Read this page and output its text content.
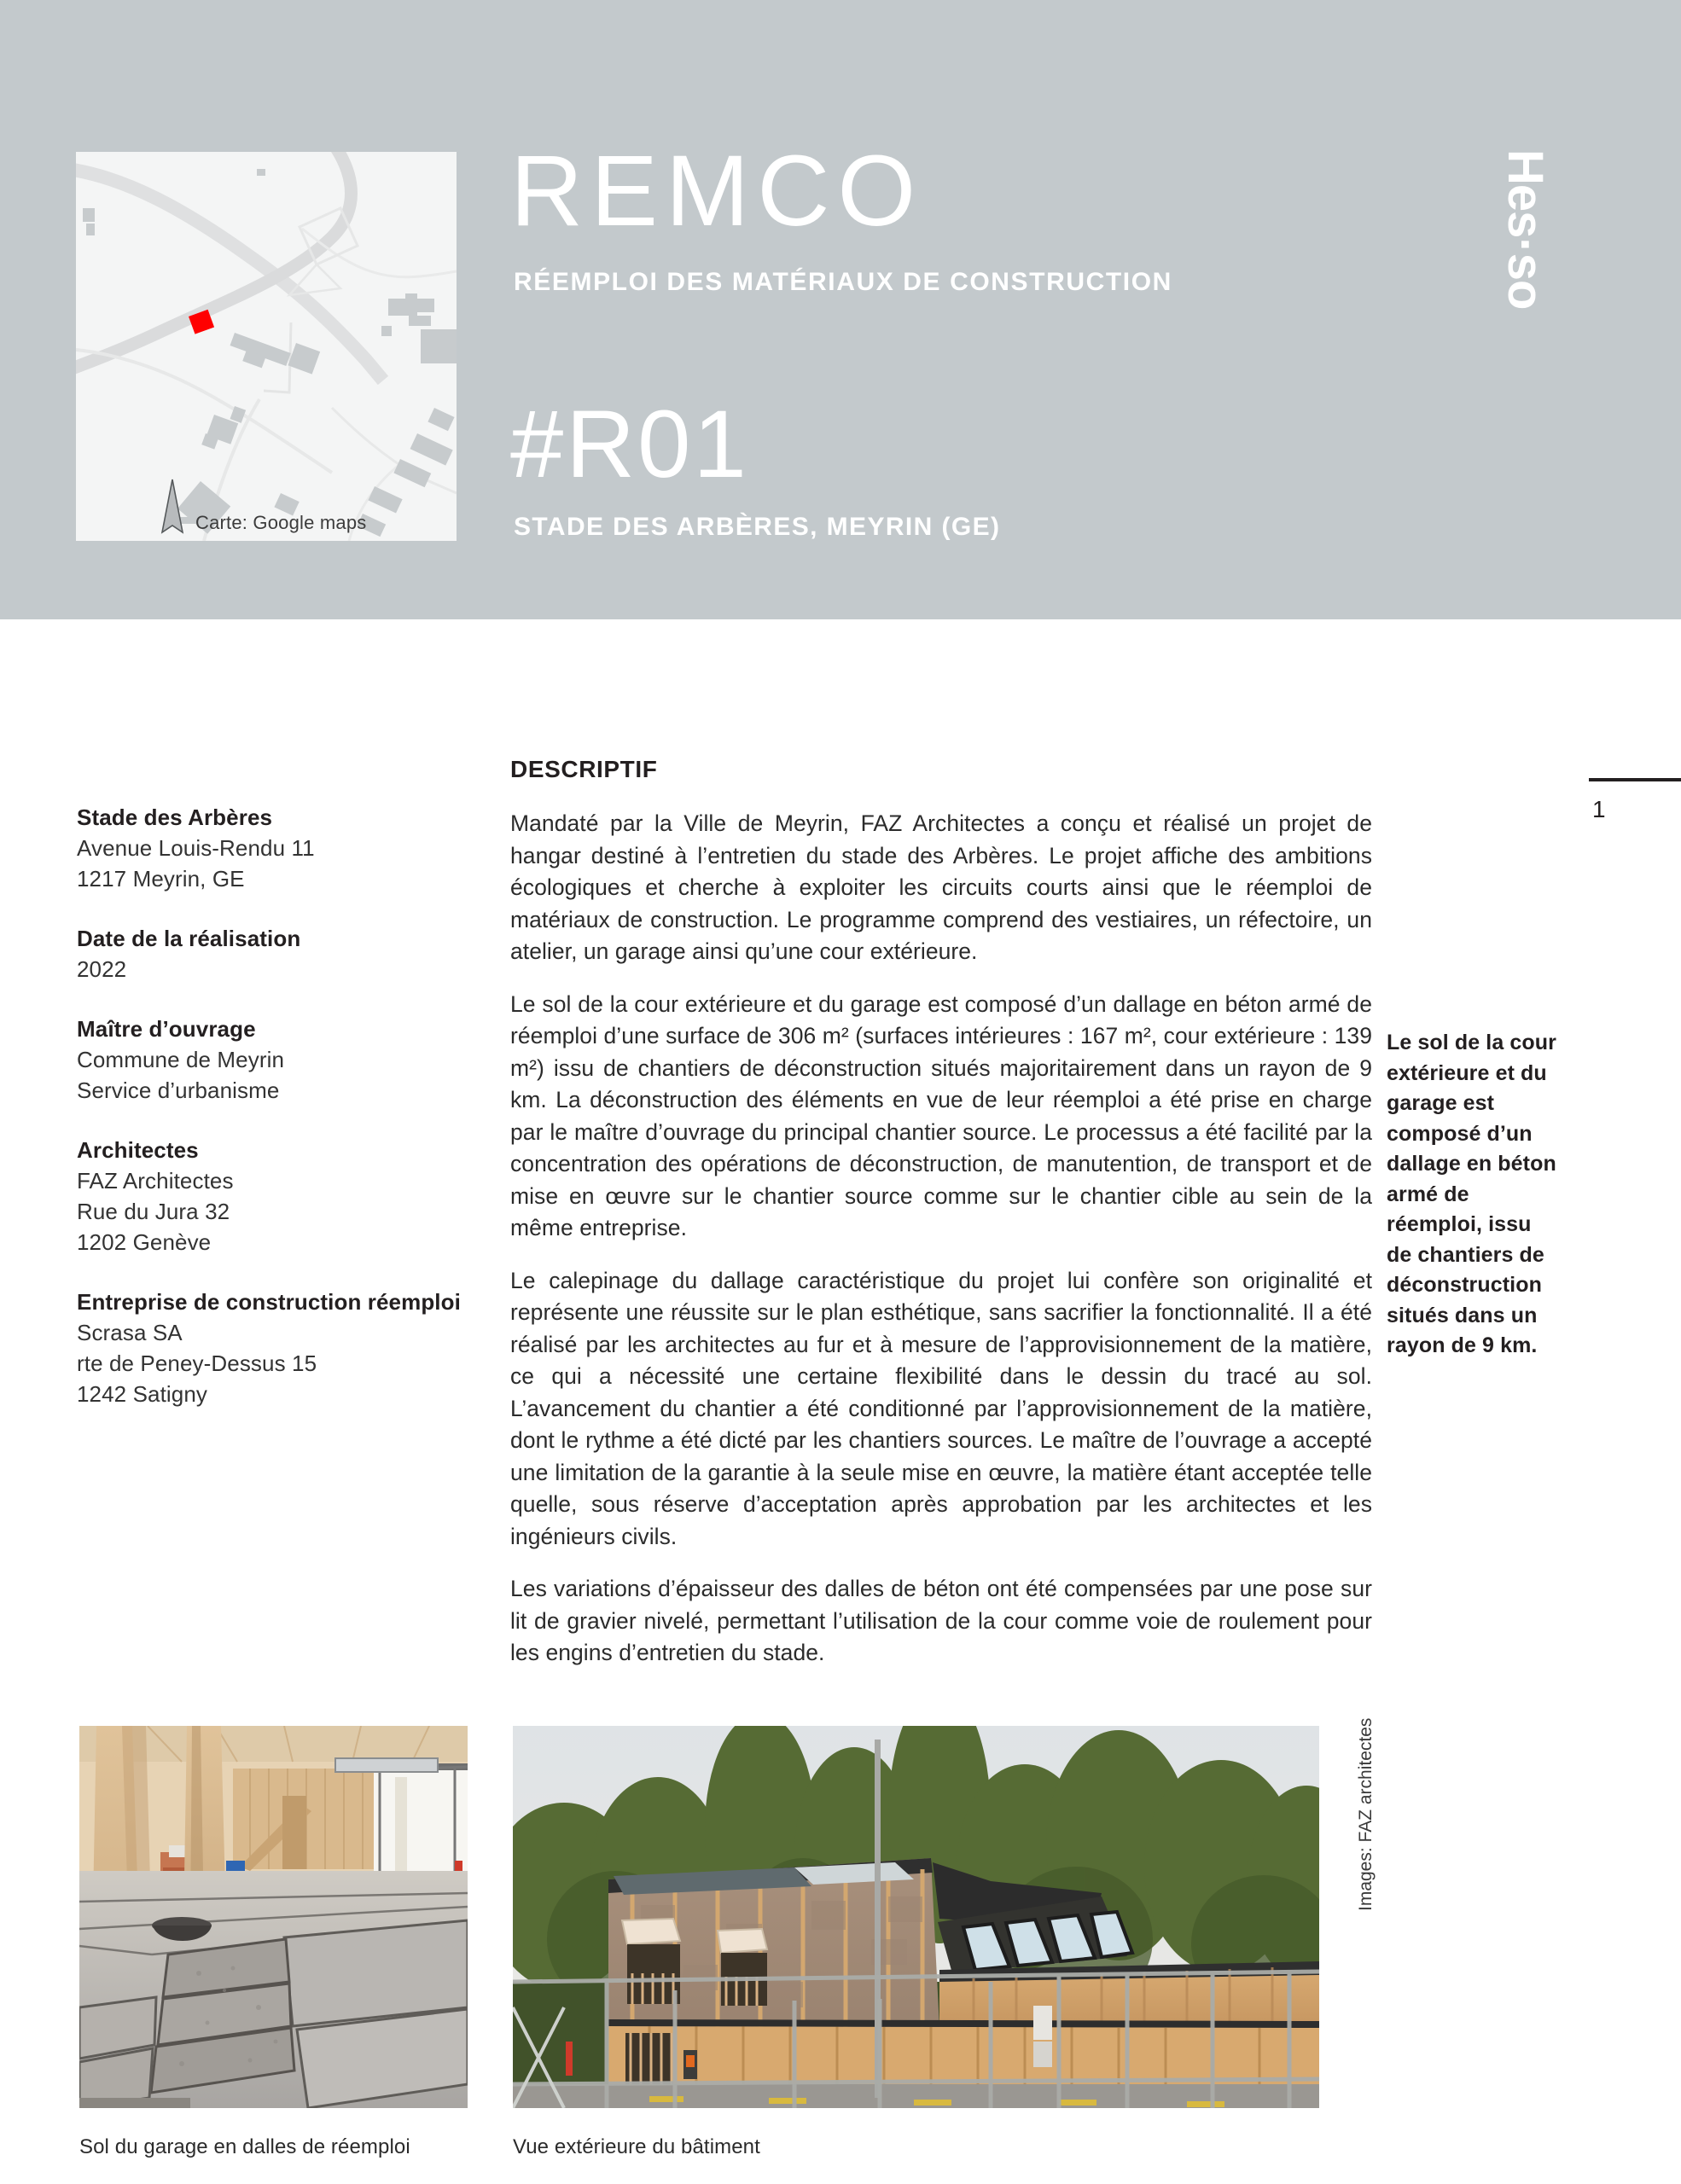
Carte: Google maps
REMCO
RÉEMPLOI DES MATÉRIAUX DE CONSTRUCTION
#R01
STADE DES ARBÈRES, MEYRIN (GE)
Hes·so
Stade des Arbères
Avenue Louis-Rendu 11
1217 Meyrin, GE
Date de la réalisation
2022
Maître d’ouvrage
Commune de Meyrin
Service d’urbanisme
Architectes
FAZ Architectes
Rue du Jura 32
1202 Genève
Entreprise de construction réemploi
Scrasa SA
rte de Peney-Dessus 15
1242 Satigny
DESCRIPTIF

Mandaté par la Ville de Meyrin, FAZ Architectes a conçu et réalisé un projet de hangar destiné à l’entretien du stade des Arbères. Le projet affiche des ambitions écologiques et cherche à exploiter les circuits courts ainsi que le réemploi de matériaux de construction. Le programme comprend des vestiaires, un réfectoire, un atelier, un garage ainsi qu’une cour extérieure.

Le sol de la cour extérieure et du garage est composé d’un dallage en béton armé de réemploi d’une surface de 306 m² (surfaces intérieures : 167 m², cour extérieure : 139 m²) issu de chantiers de déconstruction situés majoritairement dans un rayon de 9 km. La déconstruction des éléments en vue de leur réemploi a été prise en charge par le maître d’ouvrage du principal chantier source. Le processus a été facilité par la concentration des opérations de déconstruction, de manutention, de transport et de mise en œuvre sur le chantier source comme sur le chantier cible au sein de la même entreprise.

Le calepinage du dallage caractéristique du projet lui confère son originalité et représente une réussite sur le plan esthétique, sans sacrifier la fonctionnalité. Il a été réalisé par les architectes au fur et à mesure de l’approvisionnement de la matière, ce qui a nécessité une certaine flexibilité dans le dessin du tracé au sol. L’avancement du chantier a été conditionné par l’approvisionnement de la matière, dont le rythme a été dicté par les chantiers sources. Le maître de l’ouvrage a accepté une limitation de la garantie à la seule mise en œuvre, la matière étant acceptée telle quelle, sous réserve d’acceptation après approbation par les architectes et les ingénieurs civils.

Les variations d’épaisseur des dalles de béton ont été compensées par une pose sur lit de gravier nivelé, permettant l’utilisation de la cour comme voie de roulement pour les engins d’entretien du stade.

Le sol de la cour extérieure et du garage est composé d’un dallage en béton armé de réemploi, issu de chantiers de déconstruction situés dans un rayon de 9 km.
1
Sol du garage en dalles de réemploi	Vue extérieure du bâtiment
Images: FAZ architectes
